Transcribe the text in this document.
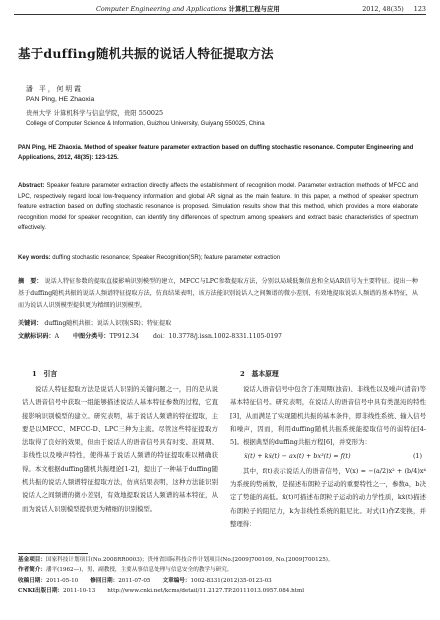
Computer Engineering and Applications 计算机工程与应用	2012, 48(35) 123
基于duffing随机共振的说话人特征提取方法
潘 平，何明霞
PAN Ping, HE Zhaoxia
贵州大学 计算机科学与信息学院，贵阳 550025
College of Computer Science & Information, Guizhou University, Guiyang 550025, China
PAN Ping, HE Zhaoxia. Method of speaker feature parameter extraction based on duffing stochastic resonance. Computer Engineering and Applications, 2012, 48(35): 123-125.
Abstract: Speaker feature parameter extraction directly affects the establishment of recognition model. Parameter extraction methods of MFCC and LPC, respectively regard local low-frequency information and global AR signal as the main feature. In this paper, a method of speaker spectrum feature extraction based on duffing stochastic resonance is proposed. Simulation results show that this method, which provides a more elaborate recognition model for speaker recognition, can identify tiny differences of spectrum among speakers and extract basic characteristics of spectrum effectively.
Key words: duffing stochastic resonance; Speaker Recognition(SR); feature parameter extraction
摘　要： 说话人特征参数的提取直接影响识别模型的建立，MFCC与LPC参数提取方法，分别以局域低频信息和全局AR信号为主要特征。提出一种基于duffing随机共振的说话人频谱特征提取方法，仿真结果表明，该方法能识别说话人之间频谱的微小差别，有效地提取说话人频谱的基本特征，从而为说话人识别模型提供更为精细的识别模型。
关键词： duffing随机共振；说话人识别(SR)；特征提取
文献标识码：A 中图分类号：TP912.34 doi：10.3778/j.issn.1002-8331.1105-0197
1　引言

说话人特征提取方法是说话人识别的关键问题之一，目的是从说话人语音信号中获取一组能够描述说话人基本特征参数的过程，它直接影响识别模型的建立。研究表明，基于说话人频谱的特征提取，主要是以MFCC、MFCC-D、LPC三种为主流。尽管这些特征提取方法取得了良好的效果，但由于说话人的语音信号具有时变、准周期、非线性以及噪声特性，使得基于说话人频谱的特征提取难以精确获得。本文根据duffing随机共振理论[1-2]，提出了一种基于duffing随机共振的说话人频谱特征提取方法，仿真结果表明，这种方法能识别说话人之间频谱的微小差别，有效地提取说话人频谱的基本特征，从而为说话人识别模型提供更为精细的识别模型。

2　基本原理

说话人语音信号中包含了准周期(浊音)、非线性以及噪声(清音)等基本特征信号。研究表明，在说话人的语音信号中具有类混沌的特性[3]，从而满足了实现随机共振的基本条件，即非线性系统、输入信号和噪声，因而，利用duffing随机共振系统能提取信号的弱特征[4-5]。根据典型的duffing共振方程[6]，并变形为：

ẍ(t) + kẋ(t) − ax(t) + bx³(t) = f(t)	(1)

其中，f(t)表示说话人的语音信号，V(x) = −(a/2)x² + (b/4)x⁴为系统的势函数，是描述布朗粒子运动的重要特性之一，参数a，b决定了势能的高低。ẍ(t)可描述布朗粒子运动的动力学性质，kẋ(t)描述布朗粒子的阻尼力，k为非线性系统的阻尼比。对式(1)作Z变换，并整理得：

基金项目：国家科技计划项目(No.2008RR0003)；贵州省国际科技合作计划项目(No.[2009]700109, No.[2009]700125)。
作者简介：潘平(1962—)，男，副教授，主要从事信息处理与信息安全的教学与研究。
收稿日期：2011-05-10 修回日期：2011-07-05 文章编号：1002-8331(2012)35-0123-03
CNKI出版日期：2011-10-13 http://www.cnki.net/kcms/detail/11.2127.TP.20111013.0957.084.html
